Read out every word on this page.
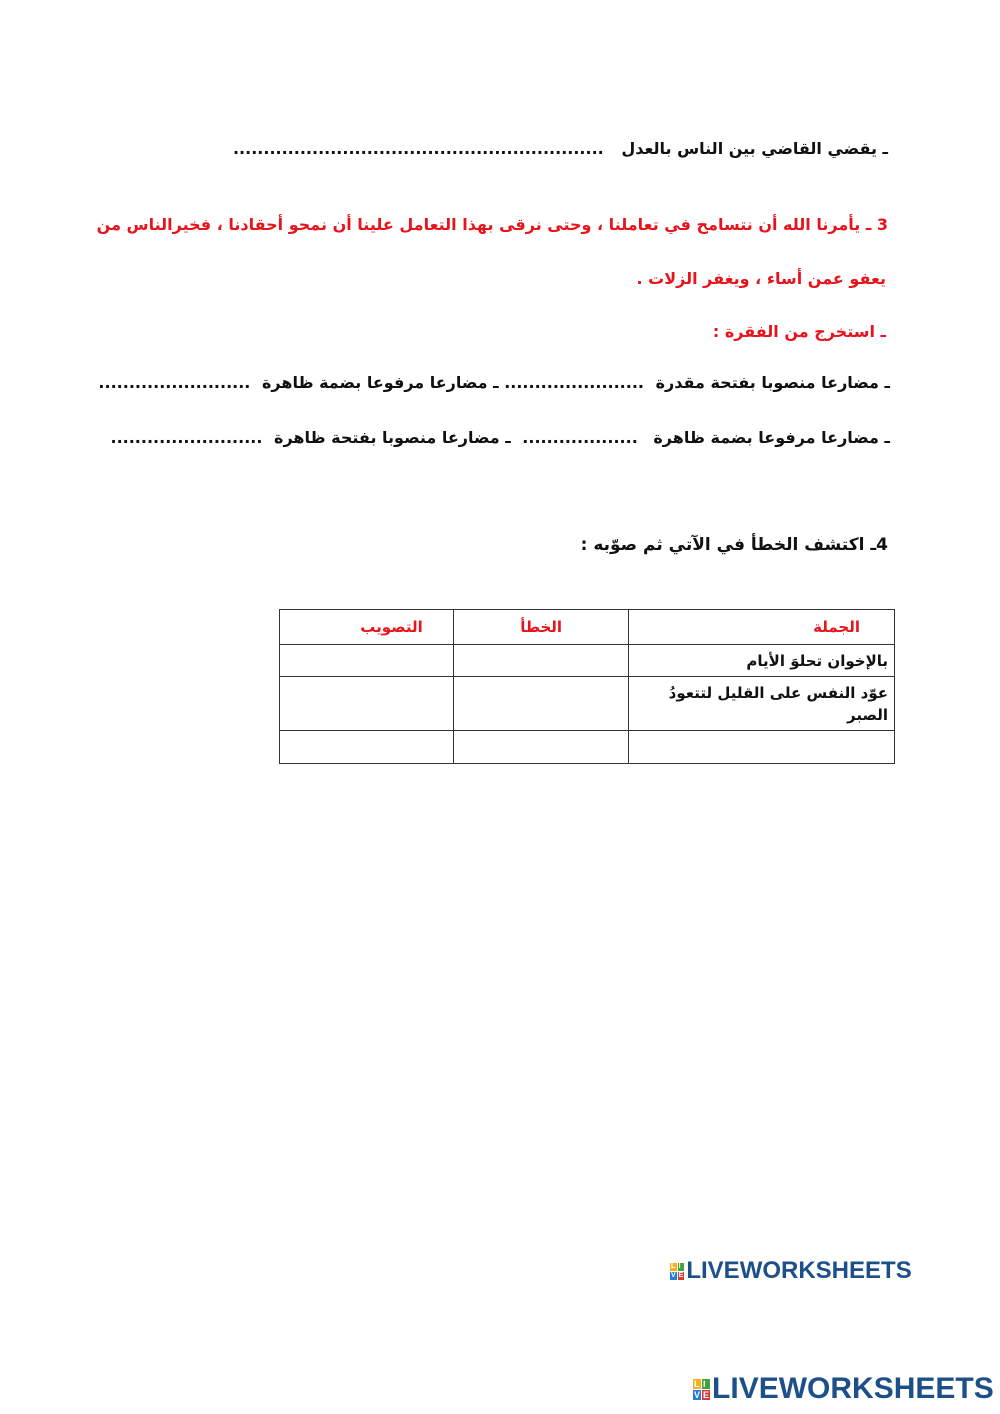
ـ يقضي القاضي بين الناس بالعدل .............................................................
3 ـ يأمرنا الله أن نتسامح في تعاملنا ، وحتى نرقى بهذا التعامل علينا أن نمحو أحقادنا ، فخيرالناس من
يعفو عمن أساء ، ويغفر الزلات .
ـ استخرج من الفقرة :
ـ مضارعا منصوبا بفتحة مقدرة ....................... ـ مضارعا مرفوعا بضمة ظاهرة .........................
ـ مضارعا مرفوعا بضمة ظاهرة ................... ـ مضارعا منصوبا بفتحة ظاهرة .........................
4ـ اكتشف الخطأ في الآتي ثم صوّبه :
الجملة	الخطأ	التصويب
بالإخوان تحلوَ الأيام		
عوّد النفس على القليل لتتعودُ الصبر		

L I
V E LIVEWORKSHEETS
L I
V E LIVEWORKSHEETS
